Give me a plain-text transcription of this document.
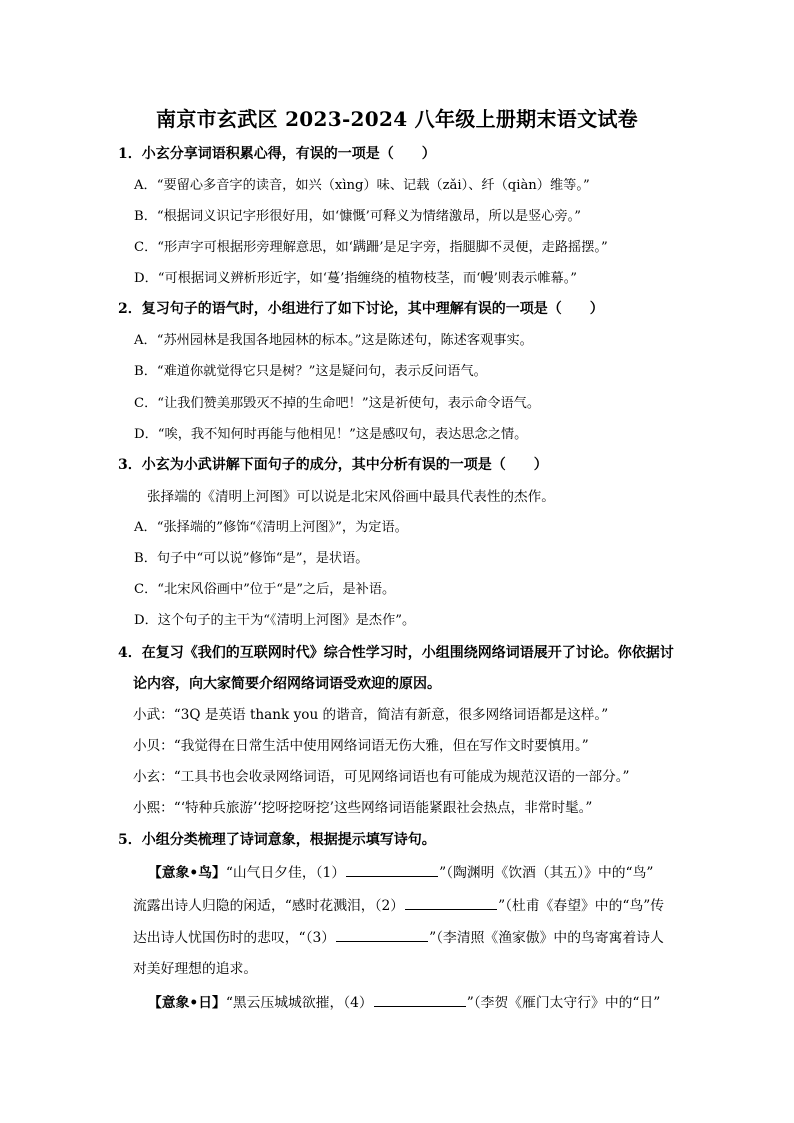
南京市玄武区 2023-2024 八年级上册期末语文试卷
1．小玄分享词语积累心得，有误的一项是（　　）
A．“要留心多音字的读音，如兴（xìng）味、记载（zǎi）、纤（qiàn）维等。”
B．“根据词义识记字形很好用，如‘慷慨’可释义为情绪激昂，所以是竖心旁。”
C．“形声字可根据形旁理解意思，如‘蹒跚’是足字旁，指腿脚不灵便，走路摇摆。”
D．“可根据词义辨析形近字，如‘蔓’指缠绕的植物枝茎，而‘幔’则表示帷幕。”
2．复习句子的语气时，小组进行了如下讨论，其中理解有误的一项是（　　）
A．“苏州园林是我国各地园林的标本。”这是陈述句，陈述客观事实。
B．“难道你就觉得它只是树？”这是疑问句，表示反问语气。
C．“让我们赞美那毁灭不掉的生命吧！”这是祈使句，表示命令语气。
D．“唉，我不知何时再能与他相见！”这是感叹句，表达思念之情。
3．小玄为小武讲解下面句子的成分，其中分析有误的一项是（　　）
张择端的《清明上河图》可以说是北宋风俗画中最具代表性的杰作。
A．“张择端的”修饰“《清明上河图》”，为定语。
B．句子中“可以说”修饰“是”，是状语。
C．“北宋风俗画中”位于“是”之后，是补语。
D．这个句子的主干为“《清明上河图》是杰作”。
4．在复习《我们的互联网时代》综合性学习时，小组围绕网络词语展开了讨论。你依据讨
论内容，向大家简要介绍网络词语受欢迎的原因。
小武：“3Q 是英语 thank you 的谐音，简洁有新意，很多网络词语都是这样。”
小贝：“我觉得在日常生活中使用网络词语无伤大雅，但在写作文时要慎用。”
小玄：“工具书也会收录网络词语，可见网络词语也有可能成为规范汉语的一部分。”
小熙：“‘特种兵旅游’‘挖呀挖呀挖’这些网络词语能紧跟社会热点，非常时髦。”
5．小组分类梳理了诗词意象，根据提示填写诗句。
【意象•鸟】“山气日夕佳，（1）	”（陶渊明《饮酒（其五）》中的“鸟”
流露出诗人归隐的闲适，“感时花溅泪，（2）	”（杜甫《春望》中的“鸟”传
达出诗人忧国伤时的悲叹，“（3）	”（李清照《渔家傲》中的鸟寄寓着诗人
对美好理想的追求。
【意象•日】“黑云压城城欲摧，（4）	”（李贺《雁门太守行》中的“日”
